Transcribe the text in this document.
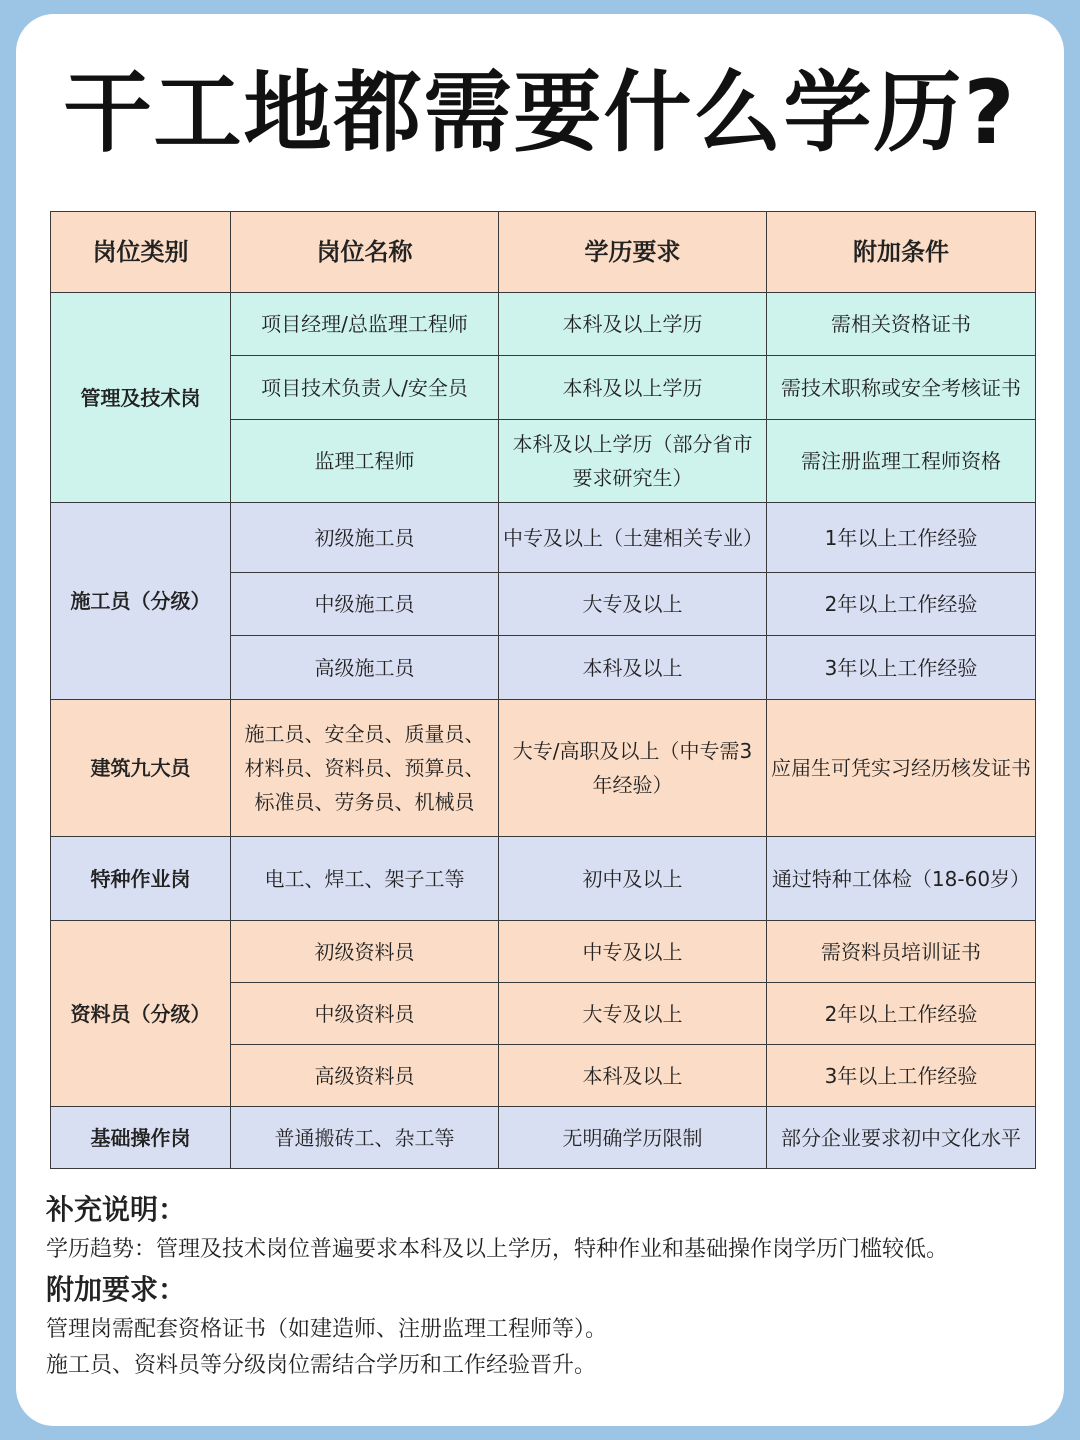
干工地都需要什么学历?
岗位类别	岗位名称	学历要求	附加条件
管理及技术岗	项目经理/总监理工程师	本科及以上学历	需相关资格证书
	项目技术负责人/安全员	本科及以上学历	需技术职称或安全考核证书
	监理工程师	本科及以上学历（部分省市要求研究生）	需注册监理工程师资格
施工员（分级）	初级施工员	中专及以上（土建相关专业）	1年以上工作经验
	中级施工员	大专及以上	2年以上工作经验
	高级施工员	本科及以上	3年以上工作经验
建筑九大员	施工员、安全员、质量员、材料员、资料员、预算员、标准员、劳务员、机械员	大专/高职及以上（中专需3年经验）	应届生可凭实习经历核发证书
特种作业岗	电工、焊工、架子工等	初中及以上	通过特种工体检（18-60岁）
资料员（分级）	初级资料员	中专及以上	需资料员培训证书
	中级资料员	大专及以上	2年以上工作经验
	高级资料员	本科及以上	3年以上工作经验
基础操作岗	普通搬砖工、杂工等	无明确学历限制	部分企业要求初中文化水平
补充说明：
学历趋势：管理及技术岗位普遍要求本科及以上学历，特种作业和基础操作岗学历门槛较低。
附加要求：
管理岗需配套资格证书（如建造师、注册监理工程师等）。
施工员、资料员等分级岗位需结合学历和工作经验晋升。
